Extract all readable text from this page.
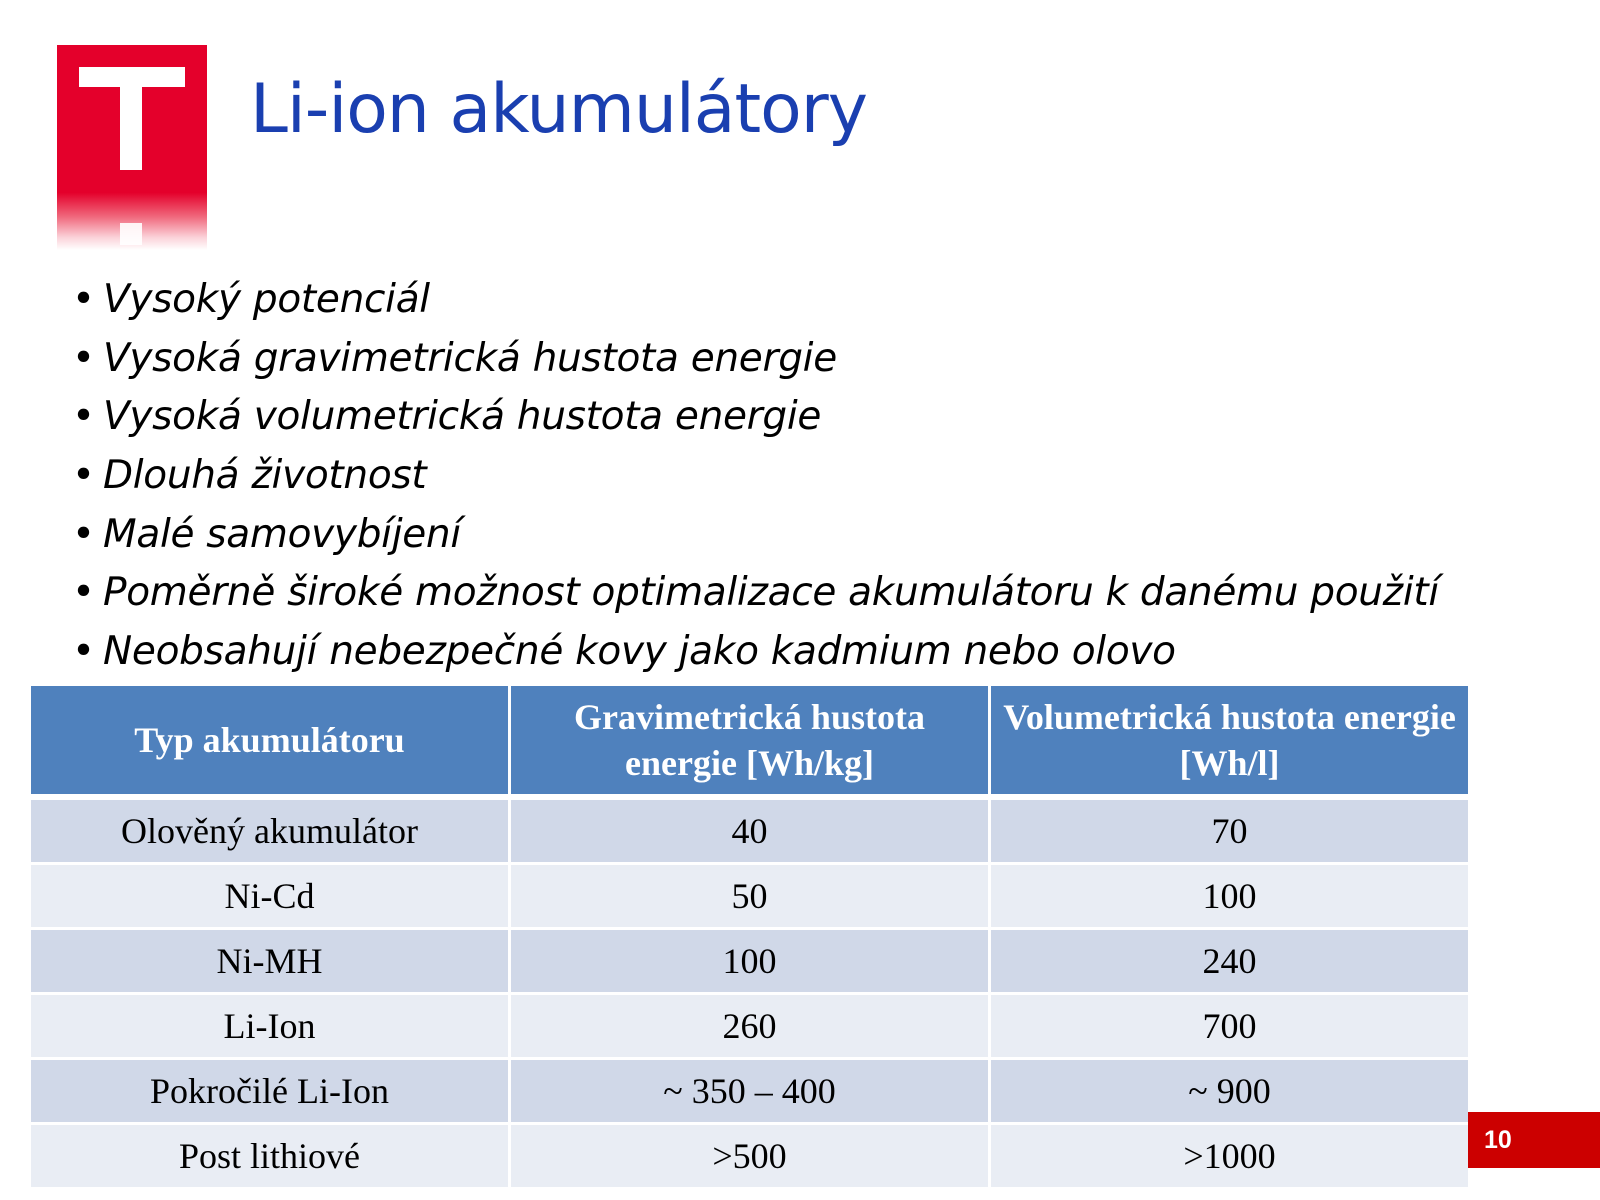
Li-ion akumulátory
• Vysoký potenciál
• Vysoká gravimetrická hustota energie
• Vysoká volumetrická hustota energie
• Dlouhá životnost
• Malé samovybíjení
• Poměrně široké možnost optimalizace akumulátoru k danému použití
• Neobsahují nebezpečné kovy jako kadmium nebo olovo
Typ akumulátoru	Gravimetrická hustota energie [Wh/kg]	Volumetrická hustota energie [Wh/l]
Olověný akumulátor	40	70
Ni-Cd	50	100
Ni-MH	100	240
Li-Ion	260	700
Pokročilé Li-Ion	~ 350 – 400	~ 900
Post lithiové	>500	>1000	10
